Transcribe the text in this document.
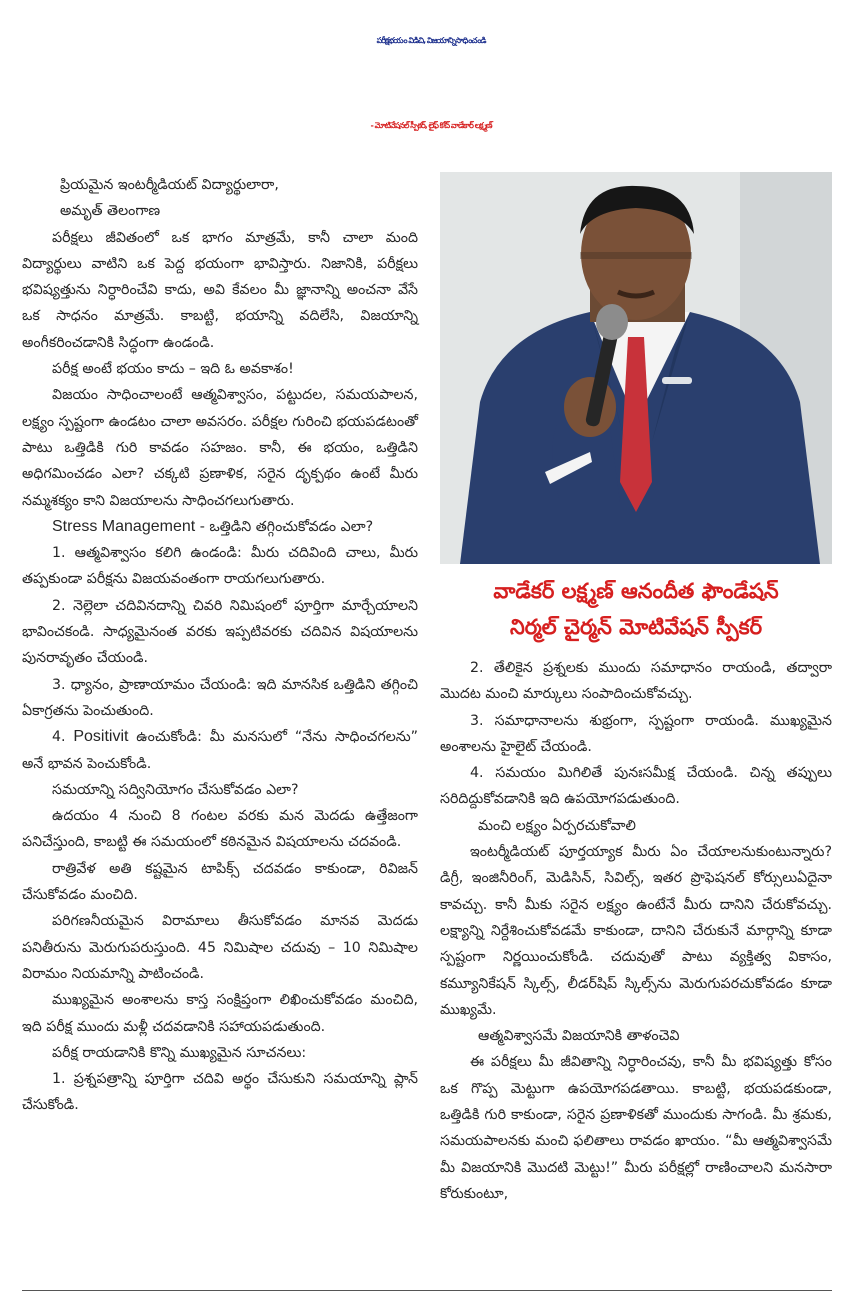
పరీక్షభయం విడిచి, విజయాన్నిసాధించండి
- మోటివేషనల్ స్పీకర్, లైఫ్ కోచ్ వాడేకార్ లక్ష్మణ్

ప్రియమైన ఇంటర్మీడియట్ విద్యార్థులారా,

అమృత్ తెలంగాణ

పరీక్షలు జీవితంలో ఒక భాగం మాత్రమే, కానీ చాలా మంది విద్యార్థులు వాటిని ఒక పెద్ద భయంగా భావిస్తారు. నిజానికి, పరీక్షలు భవిష్యత్తును నిర్ధారించేవి కాదు, అవి కేవలం మీ జ్ఞానాన్ని అంచనా వేసే ఒక సాధనం మాత్రమే. కాబట్టి, భయాన్ని వదిలేసి, విజయాన్ని అంగీకరించడానికి సిద్ధంగా ఉండండి.

పరీక్ష అంటే భయం కాదు – ఇది ఓ అవకాశం!

విజయం సాధించాలంటే ఆత్మవిశ్వాసం, పట్టుదల, సమయపాలన, లక్ష్యం స్పష్టంగా ఉండటం చాలా అవసరం. పరీక్షల గురించి భయపడటంతో పాటు ఒత్తిడికి గురి కావడం సహజం. కానీ, ఈ భయం, ఒత్తిడిని అధిగమించడం ఎలా? చక్కటి ప్రణాళిక, సరైన దృక్పథం ఉంటే మీరు నమ్మశక్యం కాని విజయాలను సాధించగలుగుతారు.

Stress Management - ఒత్తిడిని తగ్గించుకోవడం ఎలా?

1. ఆత్మవిశ్వాసం కలిగి ఉండండి: మీరు చదివింది చాలు, మీరు తప్పకుండా పరీక్షను విజయవంతంగా రాయగలుగుతారు.

2. నెల్లెలా చదివినదాన్ని చివరి నిమిషంలో పూర్తిగా మార్చేయాలని భావించకండి. సాధ్యమైనంత వరకు ఇప్పటివరకు చదివిన విషయాలను పునరావృతం చేయండి.

3. ధ్యానం, ప్రాణాయామం చేయండి: ఇది మానసిక ఒత్తిడిని తగ్గించి ఏకాగ్రతను పెంచుతుంది.

4. Positivit ఉంచుకోండి: మీ మనసులో “నేను సాధించగలను” అనే భావన పెంచుకోండి.

సమయాన్ని సద్వినియోగం చేసుకోవడం ఎలా?

ఉదయం 4 నుంచి 8 గంటల వరకు మన మెదడు ఉత్తేజంగా పనిచేస్తుంది, కాబట్టి ఈ సమయంలో కఠినమైన విషయాలను చదవండి.

రాత్రివేళ అతి కష్టమైన టాపిక్స్ చదవడం కాకుండా, రివిజన్ చేసుకోవడం మంచిది.

పరిగణనీయమైన విరామాలు తీసుకోవడం మానవ మెదడు పనితీరును మెరుగుపరుస్తుంది. 45 నిమిషాల చదువు – 10 నిమిషాల విరామం నియమాన్ని పాటించండి.

ముఖ్యమైన అంశాలను కాస్త సంక్షిప్తంగా లిఖించుకోవడం మంచిది, ఇది పరీక్ష ముందు మళ్లీ చదవడానికి సహాయపడుతుంది.

పరీక్ష రాయడానికి కొన్ని ముఖ్యమైన సూచనలు:

1. ప్రశ్నపత్రాన్ని పూర్తిగా చదివి అర్థం చేసుకుని సమయాన్ని ప్లాన్ చేసుకోండి.

వాడేకర్ లక్ష్మణ్ ఆనందీత ఫౌండేషన్
నిర్మల్ చైర్మన్ మోటివేషన్ స్పీకర్

2. తేలికైన ప్రశ్నలకు ముందు సమాధానం రాయండి, తద్వారా మొదట మంచి మార్కులు సంపాదించుకోవచ్చు.

3. సమాధానాలను శుభ్రంగా, స్పష్టంగా రాయండి. ముఖ్యమైన అంశాలను హైలైట్ చేయండి.

4. సమయం మిగిలితే పునఃసమీక్ష చేయండి. చిన్న తప్పులు సరిదిద్దుకోవడానికి ఇది ఉపయోగపడుతుంది.

మంచి లక్ష్యం ఏర్పరచుకోవాలి

ఇంటర్మీడియట్ పూర్తయ్యాక మీరు ఏం చేయాలనుకుంటున్నారు? డిగ్రీ, ఇంజినీరింగ్, మెడిసిన్, సివిల్స్, ఇతర ప్రొఫెషనల్ కోర్సులుఏదైనా కావచ్చు. కానీ మీకు సరైన లక్ష్యం ఉంటేనే మీరు దానిని చేరుకోవచ్చు. లక్ష్యాన్ని నిర్దేశించుకోవడమే కాకుండా, దానిని చేరుకునే మార్గాన్ని కూడా స్పష్టంగా నిర్ణయించుకోండి. చదువుతో పాటు వ్యక్తిత్వ వికాసం, కమ్యూనికేషన్ స్కిల్స్, లీడర్‌షిప్ స్కిల్స్‌ను మెరుగుపరచుకోవడం కూడా ముఖ్యమే.

ఆత్మవిశ్వాసమే విజయానికి తాళంచెవి

ఈ పరీక్షలు మీ జీవితాన్ని నిర్ధారించవు, కానీ మీ భవిష్యత్తు కోసం ఒక గొప్ప మెట్టుగా ఉపయోగపడతాయి. కాబట్టి, భయపడకుండా, ఒత్తిడికి గురి కాకుండా, సరైన ప్రణాళికతో ముందుకు సాగండి. మీ శ్రమకు, సమయపాలనకు మంచి ఫలితాలు రావడం ఖాయం. “మీ ఆత్మవిశ్వాసమే మీ విజయానికి మొదటి మెట్టు!” మీరు పరీక్షల్లో రాణించాలని మనసారా కోరుకుంటూ,
